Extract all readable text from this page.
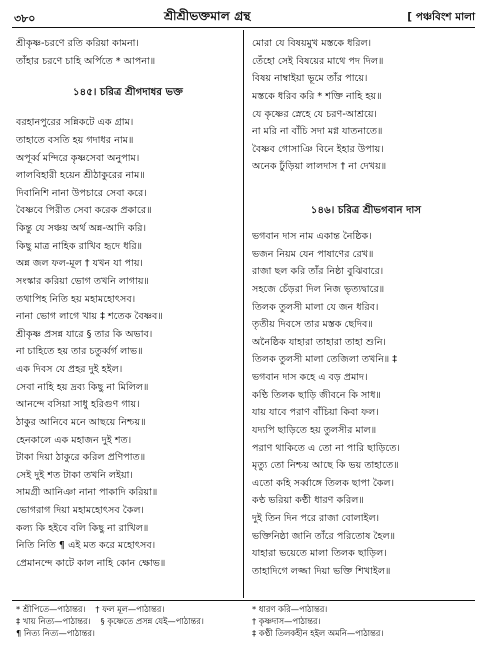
৩৮০	শ্রীশ্রীভক্তমাল গ্রন্থ	[ পঞ্চবিংশ মালা
শ্রীকৃষ্ণ-চরণে রতি করিয়া কামনা।
তাঁহার চরণে চাহি অর্পিতে * আপনা॥
১৪৫। চরিত্র শ্রীগদাধর ভক্ত
বরহানপুরের সন্নিকটে এক গ্রাম।
তাহাতে বসতি হয় গদাধর নাম॥
অপূর্ব্ব মন্দিরে কৃষ্ণসেবা অনুপাম।
লালবিহারী হয়েন শ্রীঠাকুরের নাম॥
দিবানিশি নানা উপচারে সেবা করে।
বৈষ্ণবে পিরীত সেবা করেক প্রকারে॥
কিন্তু যে সঞ্চয় অর্থ অন্ন-আদি করি।
কিছু মাত্র নাহিক রাখিব হৃদে ধরি॥
অন্ন জল ফল-মূল † যখন যা পায়।
সংস্কার করিয়া ভোগ তখনি লাগায়॥
তথাপিহ নিতি হয় মহামহোৎসব।
নানা ভোগ লাগে খায় ‡ শতেক বৈষ্ণব॥
শ্রীকৃষ্ণ প্রসন্ন যারে § তার কি অভাব।
না চাহিতে হয় তার চতুর্ব্বর্গ লাভ॥
এক দিবস যে প্রহর দুই হইল।
সেবা নাহি হয় দ্রব্য কিছু না মিলিল॥
আনন্দে বসিয়া সাধু হরিগুণ গায়।
ঠাকুর আনিবে মনে আছয়ে নিশ্চয়॥
হেনকালে এক মহাজন দুই শত।
টাকা দিয়া ঠাকুরে করিল প্রণিপাত॥
সেই দুই শত টাকা তখনি লইয়া।
সামগ্রী আনিঞা নানা পাকাদি করিয়া॥
ভোগরাগ দিয়া মহামহোৎসব কৈল।
কল্য কি হইবে বলি কিছু না রাখিল॥
নিতি নিতি ¶ এই মত করে মহোৎসব।
প্রেমানন্দে কাটে কাল নাহি কোন ক্ষোভ॥
মোরা যে বিষয়মুখ মস্তকে ধরিল।
তেঁহো সেই বিষয়ের মাথে পদ দিল॥
বিষয় নাম্বাইয়া ভূমে তাঁর পায়ে।
মস্তকে ধরিব করি * শক্তি নাহি হয়॥
যে কৃষ্ণের স্নেহে যে চরণ-আশ্রয়ে।
না মরি না বাঁচি সদা মগ্ন যাতনাতে॥
বৈষ্ণব গোসাঞি বিনে ইহার উপায়।
অনেক ঢুঁড়িয়া লালদাস † না দেখয়॥
১৪৬। চরিত্র শ্রীভগবান দাস
ভগবান দাস নাম একান্ত নৈষ্ঠিক।
ভজন নিয়ম যেন পাষাণের রেখ॥
রাজা ছল করি তাঁর নিষ্ঠা বুঝিবারে।
সহজে চেঁড়রা দিল নিজ ভৃত্যদ্বারে॥
তিলক তুলসী মালা যে জন ধরিব।
তৃতীয় দিবসে তার মস্তক ছেদিব॥
অনৈষ্ঠিক যাহারা তাহারা তাহা শুনি।
তিলক তুলসী মালা তেজিলা তখনি॥ ‡
ভগবান দাস কহে এ বড় প্রমাদ।
কণ্ঠি তিলক ছাড়ি জীবনে কি সাধ॥
যায় যাবে পরাণ বাঁচিয়া কিবা ফল।
যদ্যপি ছাড়িতে হয় তুলসীর মাল॥
পরাণ থাকিতে এ তো না পারি ছাড়িতে।
মৃত্যু তো নিশ্চয় আছে কি ভয় তাহাতে॥
এতো কহি সর্ব্বাঙ্গে তিলক ছাপা কৈল।
কণ্ঠ ভরিয়া কণ্ঠী ধারণ করিল॥
দুই তিন দিন পরে রাজা বোলাইল।
ভক্তিনিষ্ঠা জানি তাঁরে পরিতোষ হৈল॥
যাহারা ভয়েতে মালা তিলক ছাড়িল।
তাহাদিগে লজ্জা দিয়া ভক্তি শিখাইল॥
* শ্রীপিতে—পাঠান্তর। † ফল মূল—পাঠান্তর।
‡ খায় নিত্য—পাঠান্তর। § কৃষ্ণেতে প্রসন্ন যেই—পাঠান্তর।
¶ নিত্য নিত্য—পাঠান্তর।
* ধারণ করি—পাঠান্তর।
† কৃষ্ণদাস—পাঠান্তর।
‡ কণ্ঠী তিলকহীন হইল অমনি—পাঠান্তর।
